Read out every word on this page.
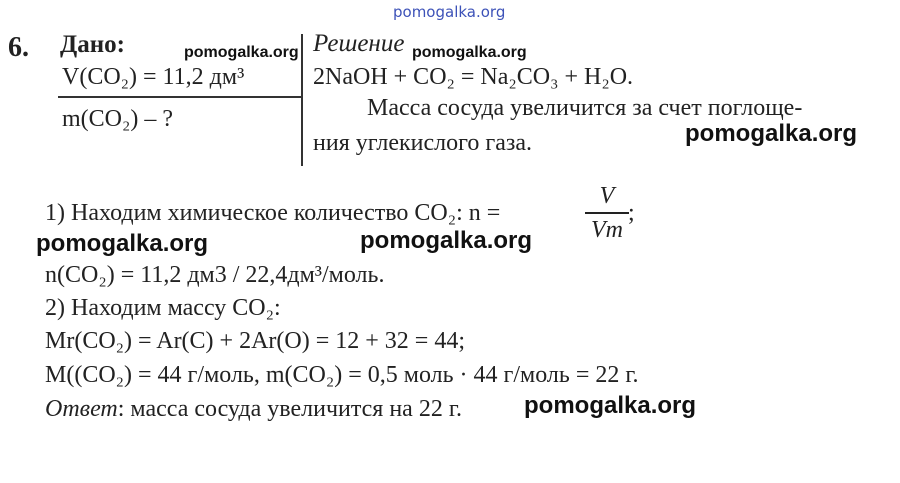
pomogalka.org
6. Дано:	pomogalka.org
V(CO₂) = 11,2 дм³
m(CO₂) – ?
Решение pomogalka.org
2NaOH + CO₂ = Na₂CO₃ + H₂O.
Масса сосуда увеличится за счет поглоще-
ния углекислого газа.	pomogalka.org
1) Находим химическое количество CO₂: n =
V
Vm
;
pomogalka.org	pomogalka.org
n(CO₂) = 11,2 дм3 / 22,4дм³/моль.
2) Находим массу CO₂:
Mr(CO₂) = Ar(C) + 2Ar(O) = 12 + 32 = 44;
M((CO₂) = 44 г/моль, m(CO₂) = 0,5 моль · 44 г/моль = 22 г.
Ответ: масса сосуда увеличится на 22 г.	pomogalka.org
